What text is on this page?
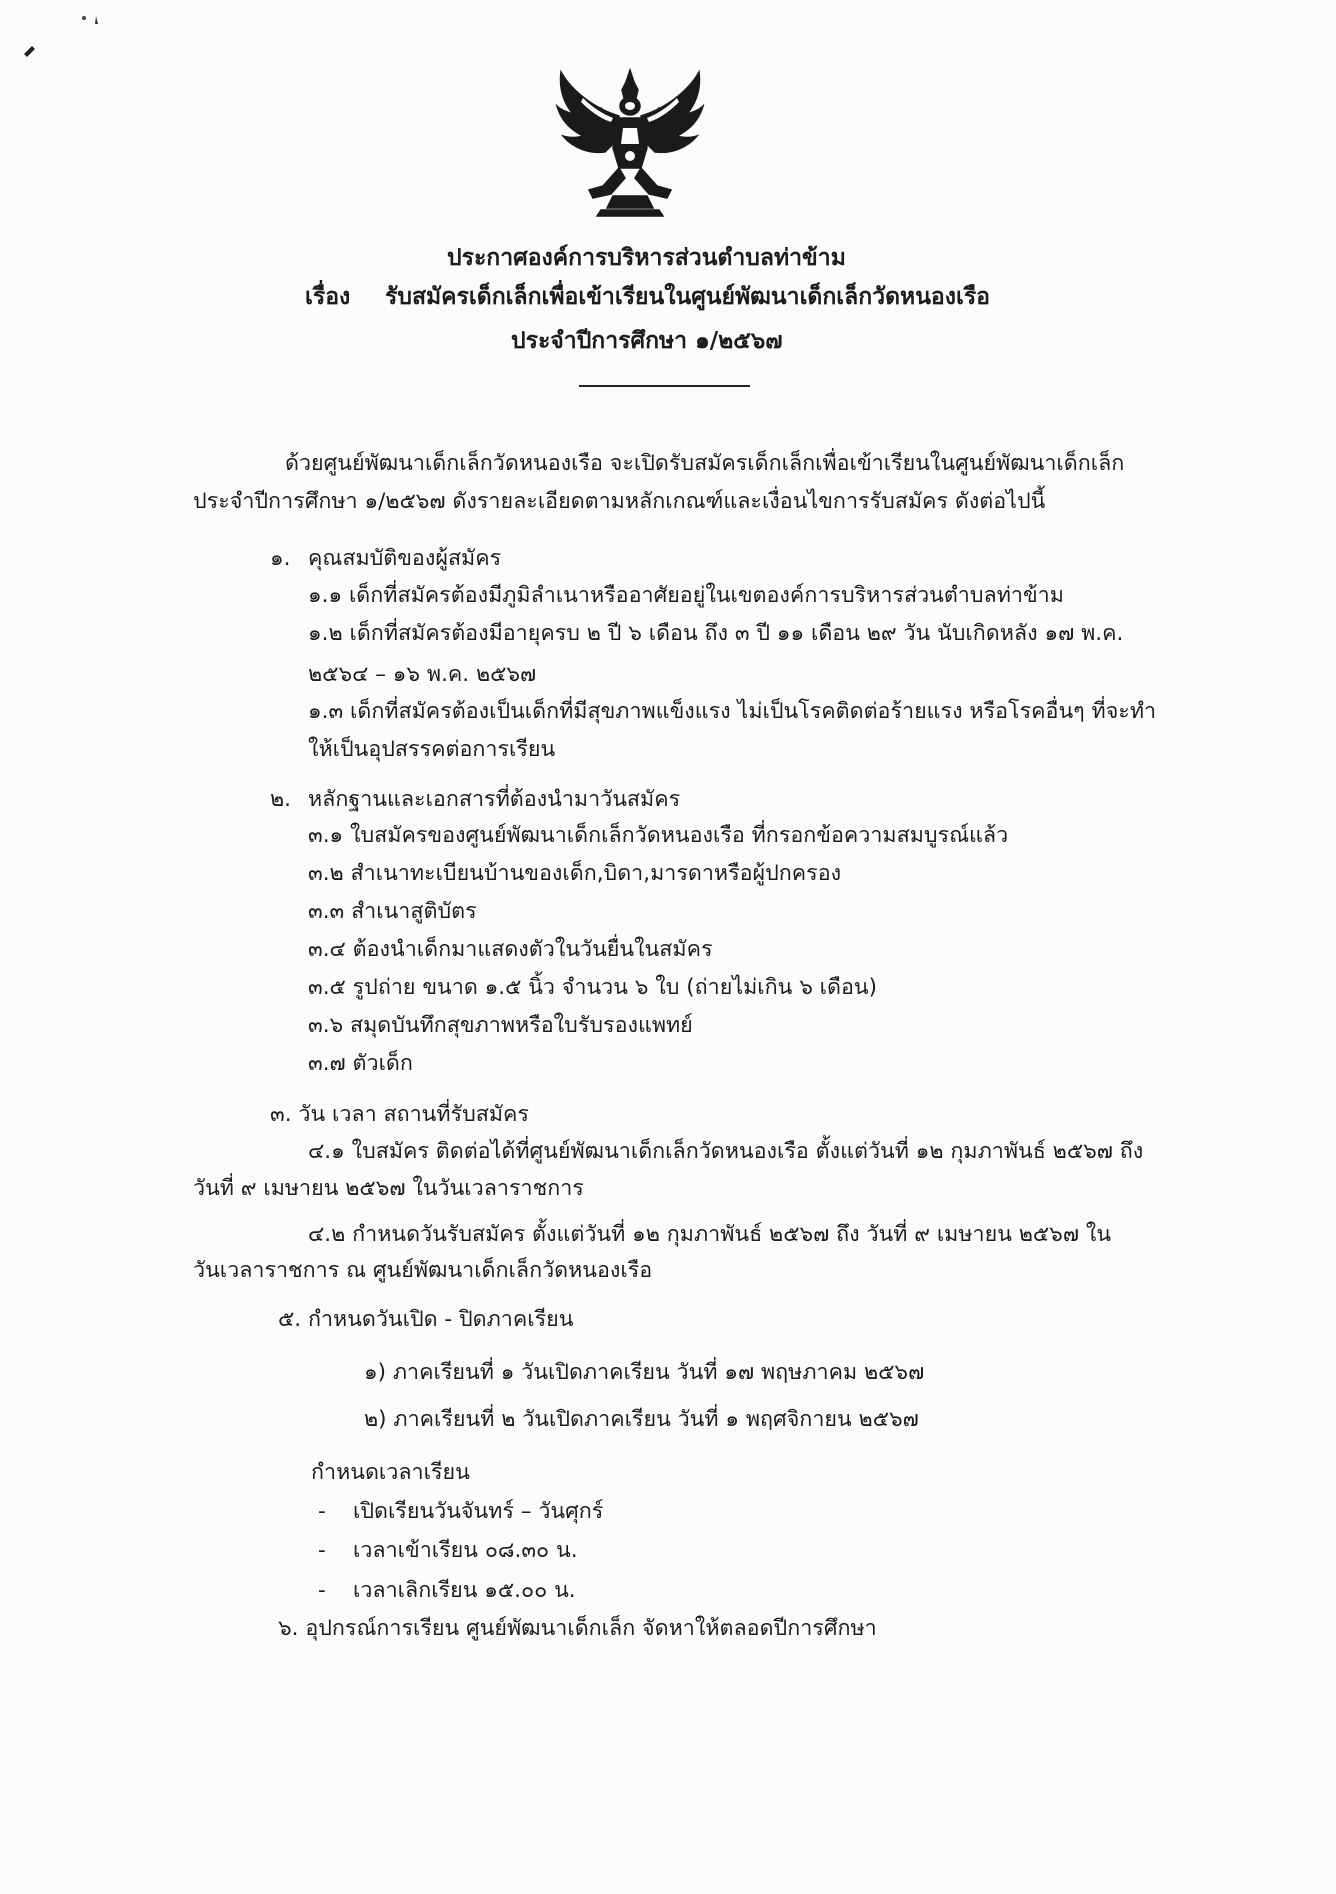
ประกาศองค์การบริหารส่วนตำบลท่าข้าม
เรื่อง รับสมัครเด็กเล็กเพื่อเข้าเรียนในศูนย์พัฒนาเด็กเล็กวัดหนองเรือ
ประจำปีการศึกษา ๑/๒๕๖๗
ด้วยศูนย์พัฒนาเด็กเล็กวัดหนองเรือ จะเปิดรับสมัครเด็กเล็กเพื่อเข้าเรียนในศูนย์พัฒนาเด็กเล็ก
ประจำปีการศึกษา ๑/๒๕๖๗ ดังรายละเอียดตามหลักเกณฑ์และเงื่อนไขการรับสมัคร ดังต่อไปนี้
๑. คุณสมบัติของผู้สมัคร
๑.๑ เด็กที่สมัครต้องมีภูมิลำเนาหรืออาศัยอยู่ในเขตองค์การบริหารส่วนตำบลท่าข้าม
๑.๒ เด็กที่สมัครต้องมีอายุครบ ๒ ปี ๖ เดือน ถึง ๓ ปี ๑๑ เดือน ๒๙ วัน นับเกิดหลัง ๑๗ พ.ค.
๒๕๖๔ – ๑๖ พ.ค. ๒๕๖๗
๑.๓ เด็กที่สมัครต้องเป็นเด็กที่มีสุขภาพแข็งแรง ไม่เป็นโรคติดต่อร้ายแรง หรือโรคอื่นๆ ที่จะทำ
ให้เป็นอุปสรรคต่อการเรียน
๒. หลักฐานและเอกสารที่ต้องนำมาวันสมัคร
๓.๑ ใบสมัครของศูนย์พัฒนาเด็กเล็กวัดหนองเรือ ที่กรอกข้อความสมบูรณ์แล้ว
๓.๒ สำเนาทะเบียนบ้านของเด็ก,บิดา,มารดาหรือผู้ปกครอง
๓.๓ สำเนาสูติบัตร
๓.๔ ต้องนำเด็กมาแสดงตัวในวันยื่นในสมัคร
๓.๕ รูปถ่าย ขนาด ๑.๕ นิ้ว จำนวน ๖ ใบ (ถ่ายไม่เกิน ๖ เดือน)
๓.๖ สมุดบันทึกสุขภาพหรือใบรับรองแพทย์
๓.๗ ตัวเด็ก
๓. วัน เวลา สถานที่รับสมัคร
๔.๑ ใบสมัคร ติดต่อได้ที่ศูนย์พัฒนาเด็กเล็กวัดหนองเรือ ตั้งแต่วันที่ ๑๒ กุมภาพันธ์ ๒๕๖๗ ถึง
วันที่ ๙ เมษายน ๒๕๖๗ ในวันเวลาราชการ
๔.๒ กำหนดวันรับสมัคร ตั้งแต่วันที่ ๑๒ กุมภาพันธ์ ๒๕๖๗ ถึง วันที่ ๙ เมษายน ๒๕๖๗ ใน
วันเวลาราชการ ณ ศูนย์พัฒนาเด็กเล็กวัดหนองเรือ
๕. กำหนดวันเปิด - ปิดภาคเรียน
๑) ภาคเรียนที่ ๑ วันเปิดภาคเรียน วันที่ ๑๗ พฤษภาคม ๒๕๖๗
๒) ภาคเรียนที่ ๒ วันเปิดภาคเรียน วันที่ ๑ พฤศจิกายน ๒๕๖๗
กำหนดเวลาเรียน
- เปิดเรียนวันจันทร์ – วันศุกร์
- เวลาเข้าเรียน ๐๘.๓๐ น.
- เวลาเลิกเรียน ๑๕.๐๐ น.
๖. อุปกรณ์การเรียน ศูนย์พัฒนาเด็กเล็ก จัดหาให้ตลอดปีการศึกษา
